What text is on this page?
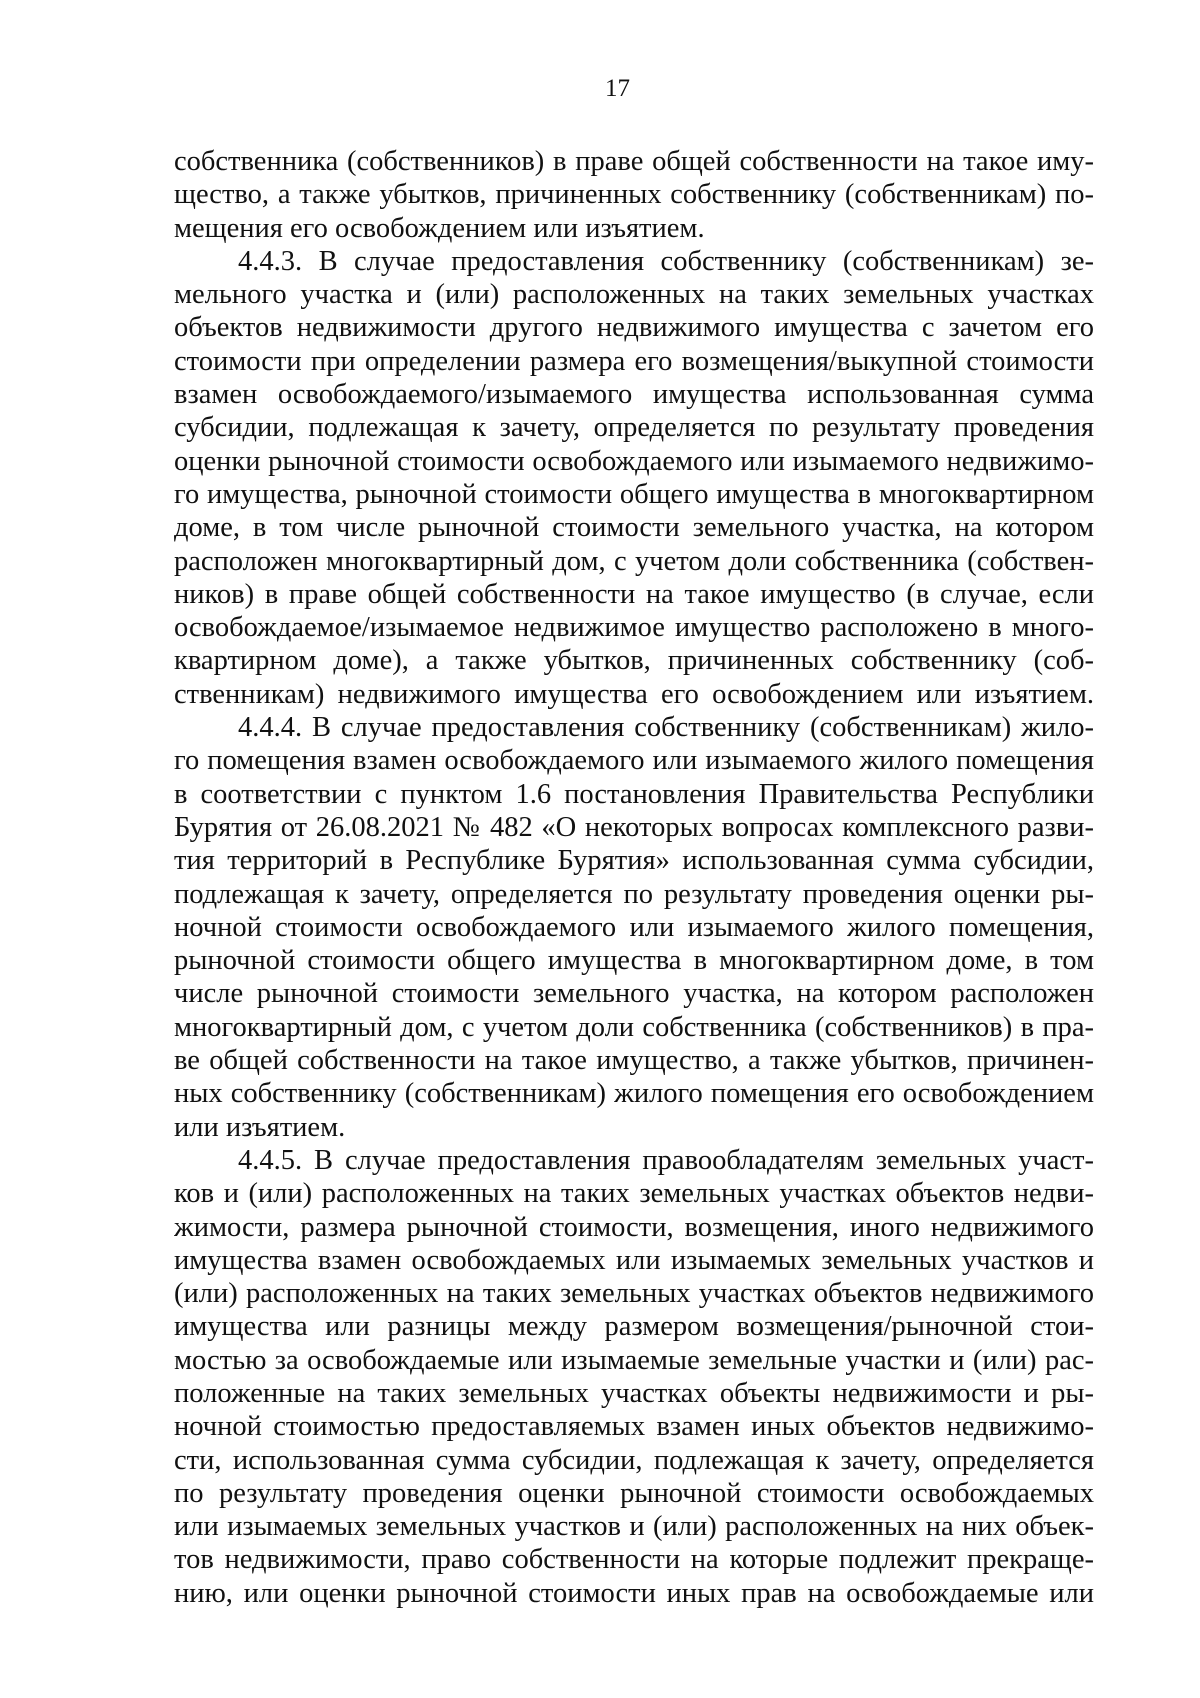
17
собственника (собственников) в праве общей собственности на такое иму-
щество, а также убытков, причиненных собственнику (собственникам) по-
мещения его освобождением или изъятием.
4.4.3. В случае предоставления собственнику (собственникам) зе-
мельного участка и (или) расположенных на таких земельных участках
объектов недвижимости другого недвижимого имущества с зачетом его
стоимости при определении размера его возмещения/выкупной стоимости
взамен освобождаемого/изымаемого имущества использованная сумма
субсидии, подлежащая к зачету, определяется по результату проведения
оценки рыночной стоимости освобождаемого или изымаемого недвижимо-
го имущества, рыночной стоимости общего имущества в многоквартирном
доме, в том числе рыночной стоимости земельного участка, на котором
расположен многоквартирный дом, с учетом доли собственника (собствен-
ников) в праве общей собственности на такое имущество (в случае, если
освобождаемое/изымаемое недвижимое имущество расположено в много-
квартирном доме), а также убытков, причиненных собственнику (соб-
ственникам) недвижимого имущества его освобождением или изъятием.
4.4.4. В случае предоставления собственнику (собственникам) жило-
го помещения взамен освобождаемого или изымаемого жилого помещения
в соответствии с пунктом 1.6 постановления Правительства Республики
Бурятия от 26.08.2021 № 482 «О некоторых вопросах комплексного разви-
тия территорий в Республике Бурятия» использованная сумма субсидии,
подлежащая к зачету, определяется по результату проведения оценки ры-
ночной стоимости освобождаемого или изымаемого жилого помещения,
рыночной стоимости общего имущества в многоквартирном доме, в том
числе рыночной стоимости земельного участка, на котором расположен
многоквартирный дом, с учетом доли собственника (собственников) в пра-
ве общей собственности на такое имущество, а также убытков, причинен-
ных собственнику (собственникам) жилого помещения его освобождением
или изъятием.
4.4.5. В случае предоставления правообладателям земельных участ-
ков и (или) расположенных на таких земельных участках объектов недви-
жимости, размера рыночной стоимости, возмещения, иного недвижимого
имущества взамен освобождаемых или изымаемых земельных участков и
(или) расположенных на таких земельных участках объектов недвижимого
имущества или разницы между размером возмещения/рыночной стои-
мостью за освобождаемые или изымаемые земельные участки и (или) рас-
положенные на таких земельных участках объекты недвижимости и ры-
ночной стоимостью предоставляемых взамен иных объектов недвижимо-
сти, использованная сумма субсидии, подлежащая к зачету, определяется
по результату проведения оценки рыночной стоимости освобождаемых
или изымаемых земельных участков и (или) расположенных на них объек-
тов недвижимости, право собственности на которые подлежит прекраще-
нию, или оценки рыночной стоимости иных прав на освобождаемые или
